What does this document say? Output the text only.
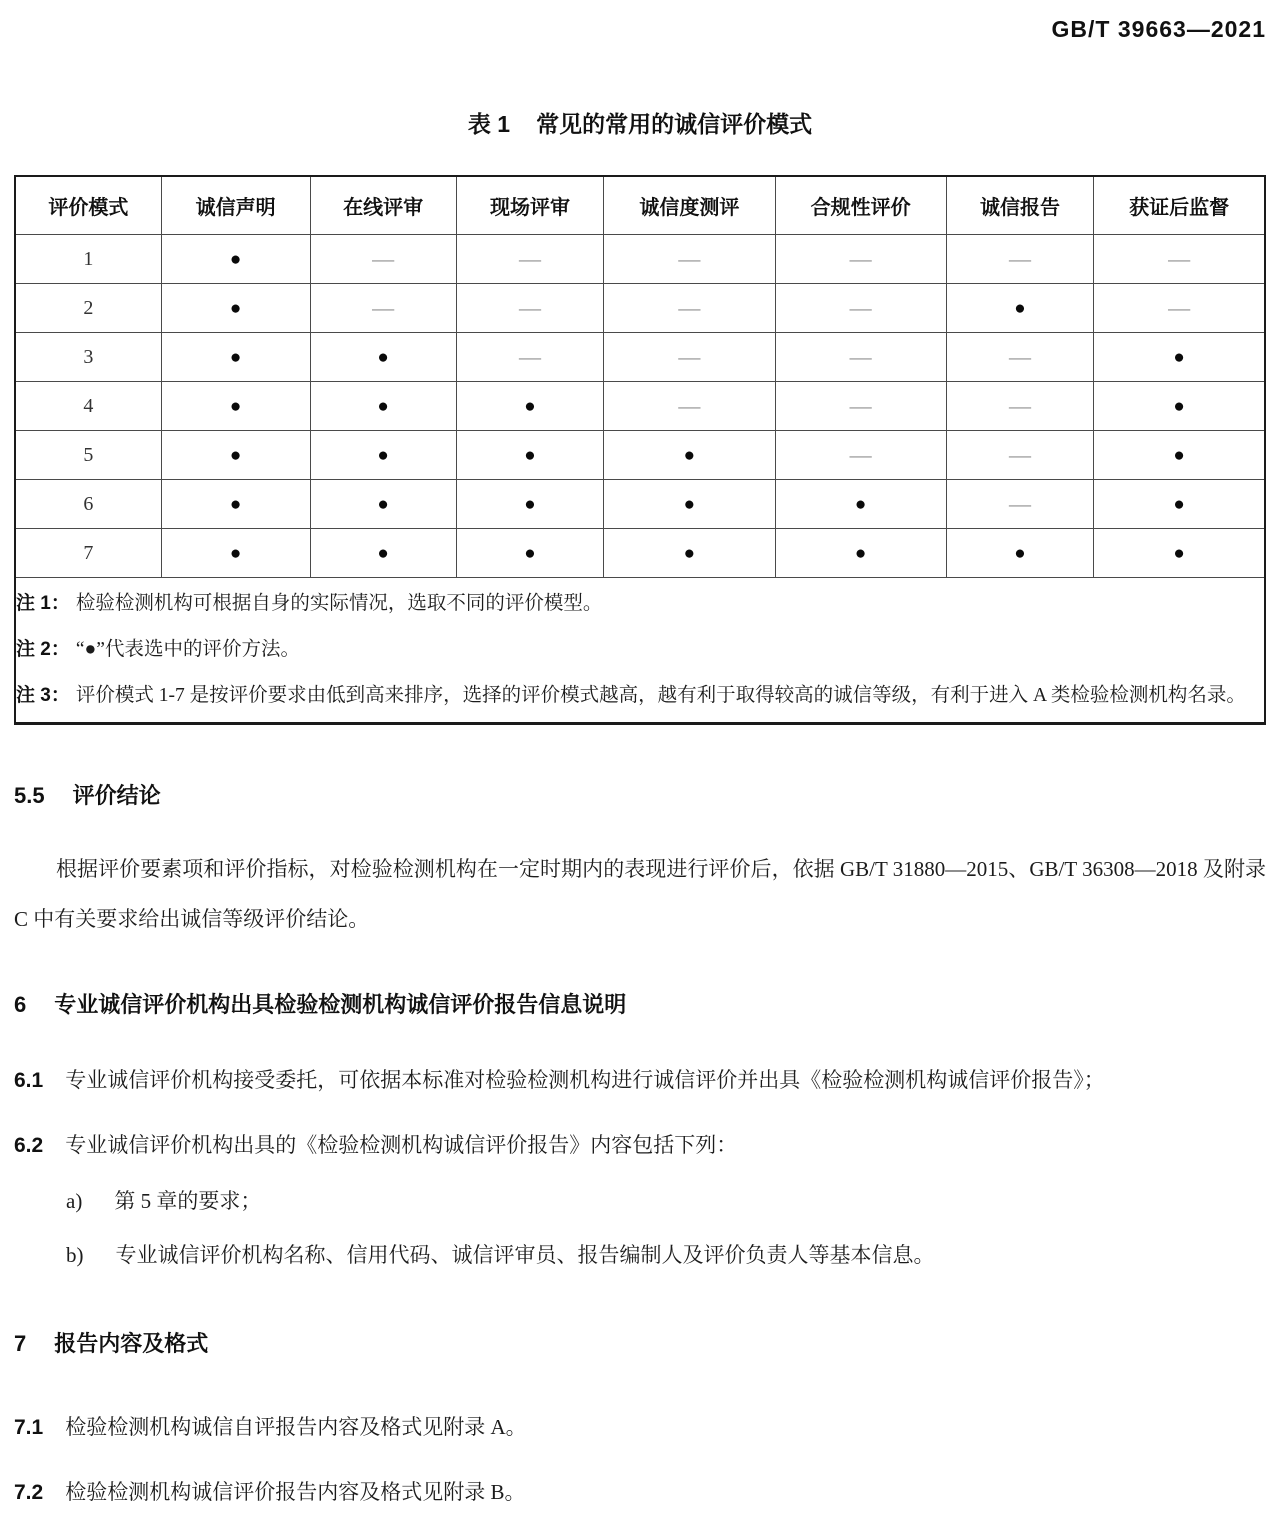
GB/T 39663—2021
表 1 常见的常用的诚信评价模式
评价模式	诚信声明	在线评审	现场评审	诚信度测评	合规性评价	诚信报告	获证后监督
1	●	—	—	—	—	—	—
2	●	—	—	—	—	●	—
3	●	●	—	—	—	—	●
4	●	●	●	—	—	—	●
5	●	●	●	●	—	—	●
6	●	●	●	●	●	—	●
7	●	●	●	●	●	●	●

注 1： 检验检测机构可根据自身的实际情况，选取不同的评价模型。
注 2： “●”代表选中的评价方法。
注 3： 评价模式 1-7 是按评价要求由低到高来排序，选择的评价模式越高，越有利于取得较高的诚信等级，有利于进入 A 类检验检测机构名录。
5.5 评价结论

根据评价要素项和评价指标，对检验检测机构在一定时期内的表现进行评价后，依据 GB/T 31880—2015、GB/T 36308—2018 及附录 C 中有关要求给出诚信等级评价结论。

6 专业诚信评价机构出具检验检测机构诚信评价报告信息说明

6.1 专业诚信评价机构接受委托，可依据本标准对检验检测机构进行诚信评价并出具《检验检测机构诚信评价报告》；

6.2 专业诚信评价机构出具的《检验检测机构诚信评价报告》内容包括下列：

a) 第 5 章的要求；
b) 专业诚信评价机构名称、信用代码、诚信评审员、报告编制人及评价负责人等基本信息。
7 报告内容及格式

7.1 检验检测机构诚信自评报告内容及格式见附录 A。

7.2 检验检测机构诚信评价报告内容及格式见附录 B。
